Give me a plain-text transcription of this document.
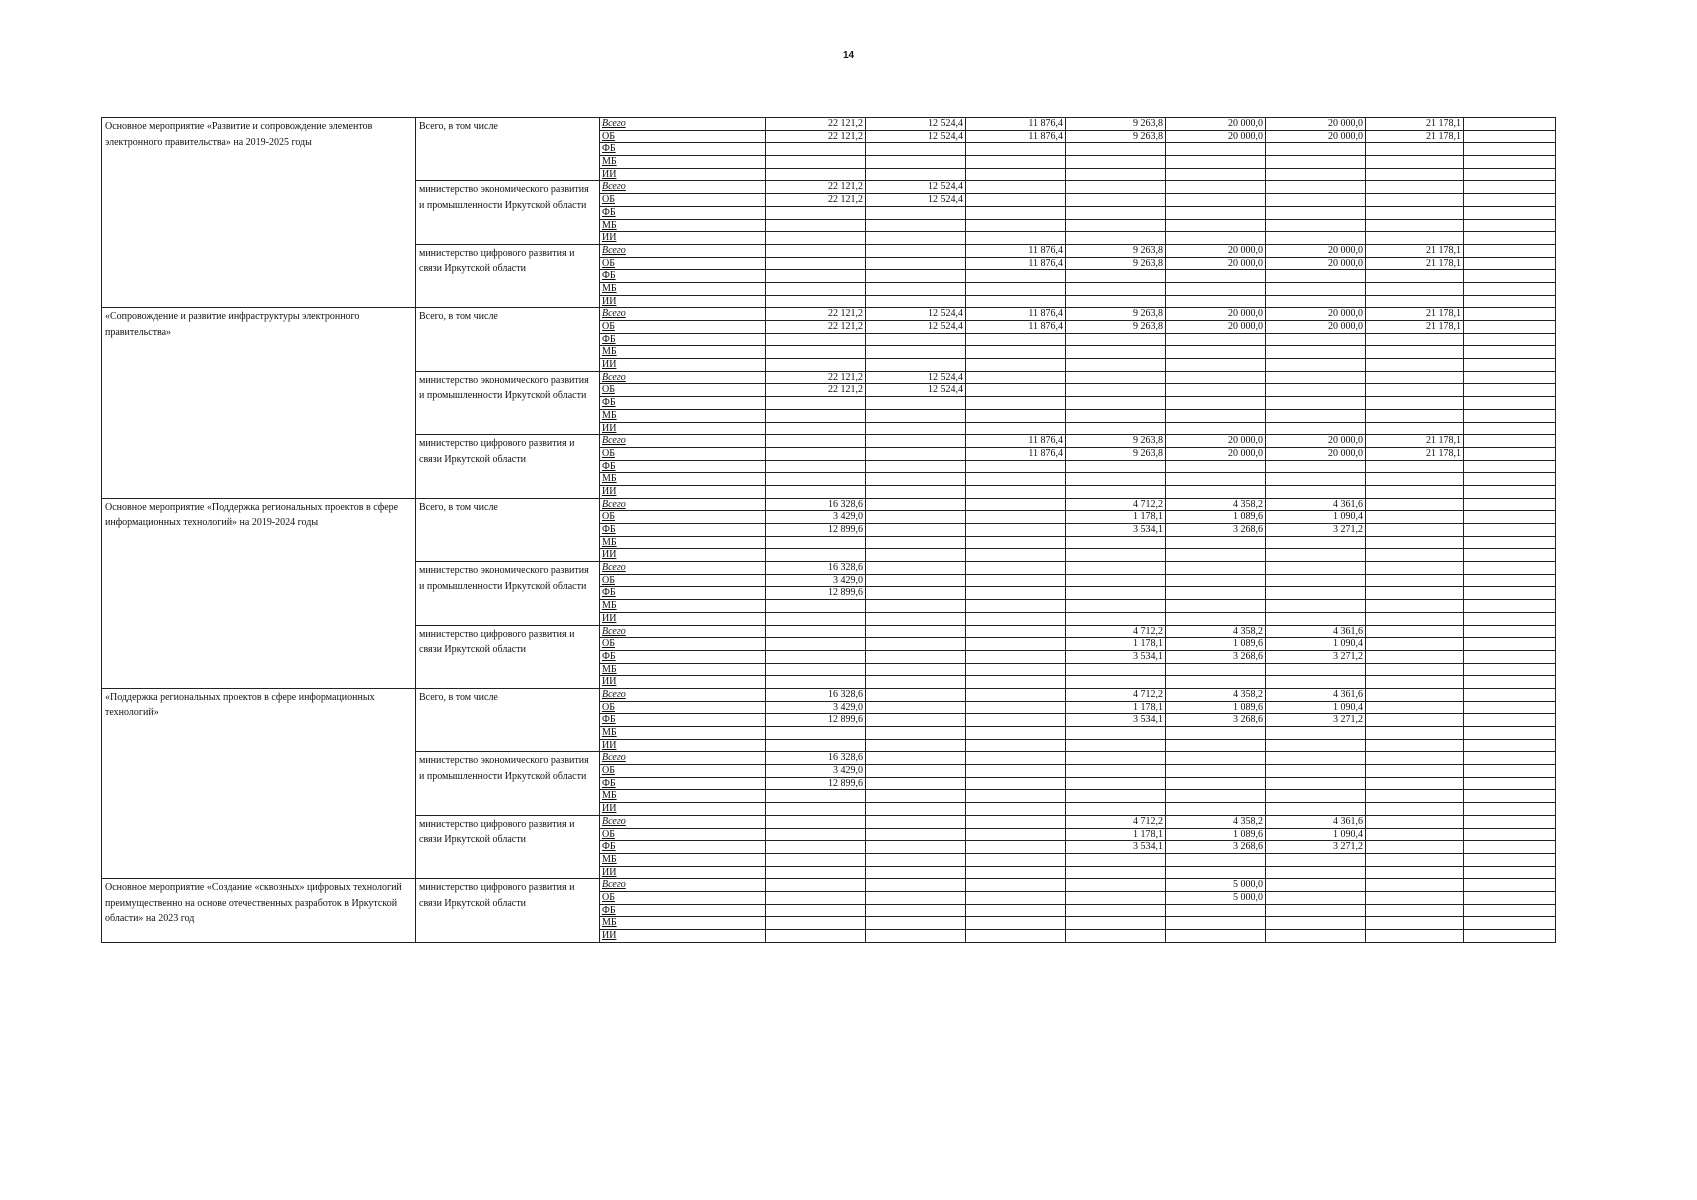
14
Основное мероприятие «Развитие и сопровождение элементов электронного правительства» на 2019-2025 годы	Всего, в том числе	Всего	22 121,2	12 524,4	11 876,4	9 263,8	20 000,0	20 000,0	21 178,1	
		ОБ	22 121,2	12 524,4	11 876,4	9 263,8	20 000,0	20 000,0	21 178,1	
		ФБ								
		МБ								
		ИИ								
	министерство экономического развития и промышленности Иркутской области	Всего	22 121,2	12 524,4						
		ОБ	22 121,2	12 524,4						
		ФБ								
		МБ								
		ИИ								
	министерство цифрового развития и связи Иркутской области	Всего			11 876,4	9 263,8	20 000,0	20 000,0	21 178,1	
		ОБ			11 876,4	9 263,8	20 000,0	20 000,0	21 178,1	
		ФБ								
		МБ								
		ИИ								
«Сопровождение и развитие инфраструктуры электронного правительства»	Всего, в том числе	Всего	22 121,2	12 524,4	11 876,4	9 263,8	20 000,0	20 000,0	21 178,1	
		ОБ	22 121,2	12 524,4	11 876,4	9 263,8	20 000,0	20 000,0	21 178,1	
		ФБ								
		МБ								
		ИИ								
	министерство экономического развития и промышленности Иркутской области	Всего	22 121,2	12 524,4						
		ОБ	22 121,2	12 524,4						
		ФБ								
		МБ								
		ИИ								
	министерство цифрового развития и связи Иркутской области	Всего			11 876,4	9 263,8	20 000,0	20 000,0	21 178,1	
		ОБ			11 876,4	9 263,8	20 000,0	20 000,0	21 178,1	
		ФБ								
		МБ								
		ИИ								
Основное мероприятие «Поддержка региональных проектов в сфере информационных технологий» на 2019-2024 годы	Всего, в том числе	Всего	16 328,6			4 712,2	4 358,2	4 361,6		
		ОБ	3 429,0			1 178,1	1 089,6	1 090,4		
		ФБ	12 899,6			3 534,1	3 268,6	3 271,2		
		МБ								
		ИИ								
	министерство экономического развития и промышленности Иркутской области	Всего	16 328,6							
		ОБ	3 429,0							
		ФБ	12 899,6							
		МБ								
		ИИ								
	министерство цифрового развития и связи Иркутской области	Всего				4 712,2	4 358,2	4 361,6		
		ОБ				1 178,1	1 089,6	1 090,4		
		ФБ				3 534,1	3 268,6	3 271,2		
		МБ								
		ИИ								
«Поддержка региональных проектов в сфере информационных технологий»	Всего, в том числе	Всего	16 328,6			4 712,2	4 358,2	4 361,6		
		ОБ	3 429,0			1 178,1	1 089,6	1 090,4		
		ФБ	12 899,6			3 534,1	3 268,6	3 271,2		
		МБ								
		ИИ								
	министерство экономического развития и промышленности Иркутской области	Всего	16 328,6							
		ОБ	3 429,0							
		ФБ	12 899,6							
		МБ								
		ИИ								
	министерство цифрового развития и связи Иркутской области	Всего				4 712,2	4 358,2	4 361,6		
		ОБ				1 178,1	1 089,6	1 090,4		
		ФБ				3 534,1	3 268,6	3 271,2		
		МБ								
		ИИ								
Основное мероприятие «Создание «сквозных» цифровых технологий преимущественно на основе отечественных разработок в Иркутской области» на 2023 год	министерство цифрового развития и связи Иркутской области	Всего					5 000,0			
		ОБ					5 000,0			
		ФБ								
		МБ								
		ИИ								
